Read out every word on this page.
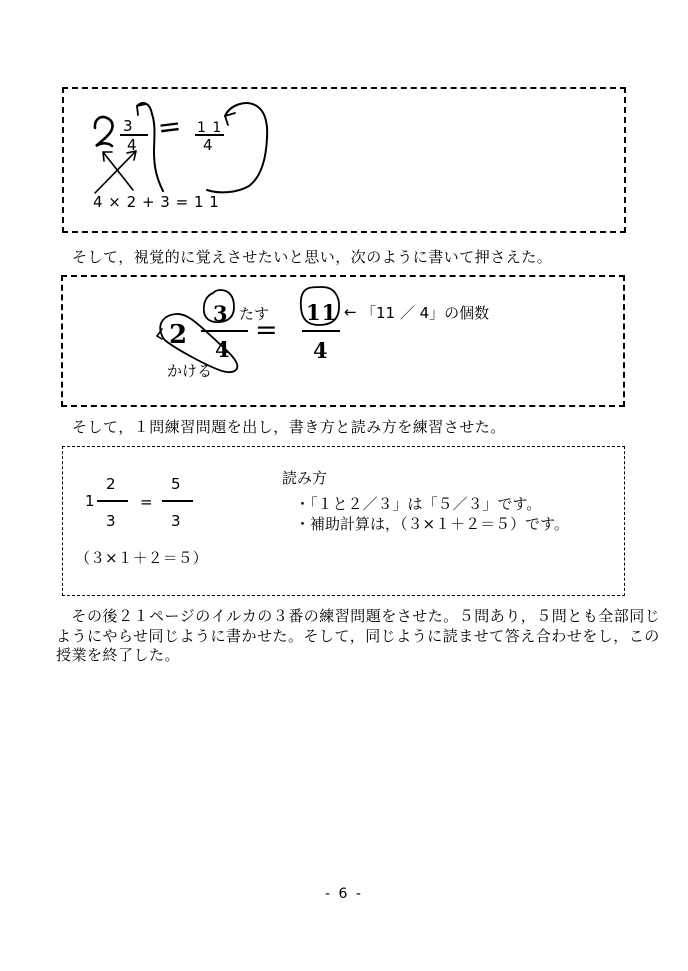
3
4
= 1 1
4
4 × 2 + 3 = 1 1
そして，視覚的に覚えさせたいと思い，次のように書いて押さえた。
2
3
4
=
11
4
たす
かける
← 「11 ／ 4」の個数
そして，１問練習問題を出し，書き方と読み方を練習させた。
1
2
3
=
5
3
読み方
・「１と２／３」は「５／３」です。
・補助計算は，（３×１＋２＝５）です。
（３×１＋２＝５）
　その後２１ページのイルカの３番の練習問題をさせた。５問あり，５問とも全部同じ
ようにやらせ同じように書かせた。そして，同じように読ませて答え合わせをし，この
授業を終了した。
- 6 -
